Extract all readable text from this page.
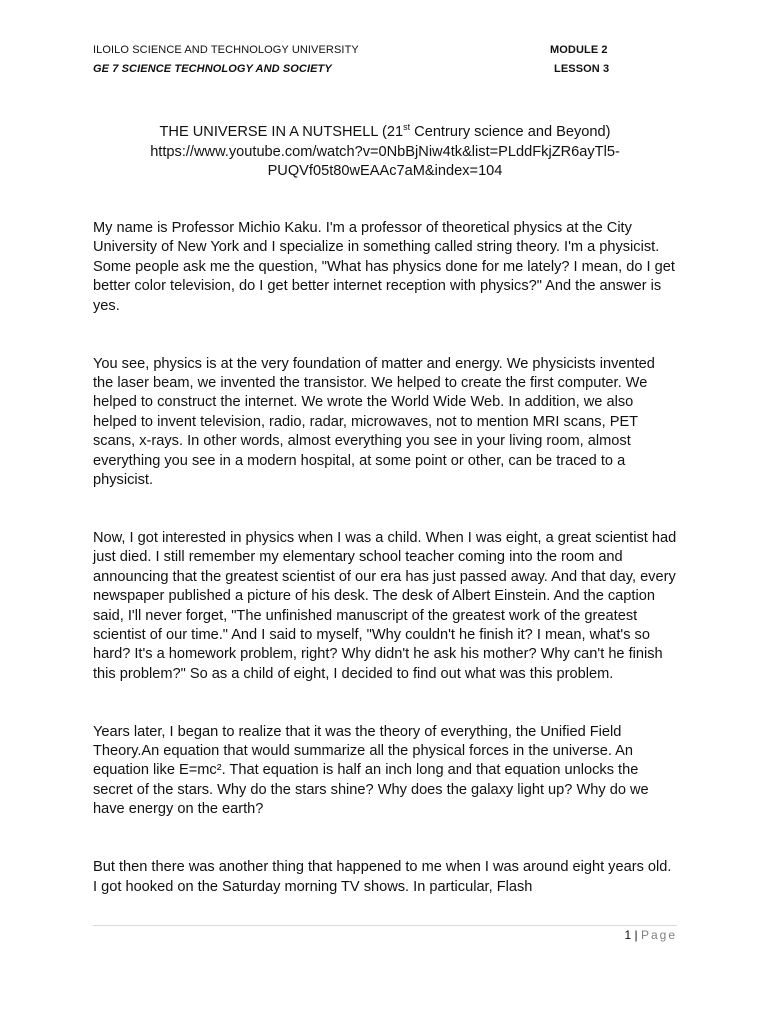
ILOILO SCIENCE AND TECHNOLOGY UNIVERSITY	MODULE 2
GE 7 SCIENCE TECHNOLOGY AND SOCIETY	LESSON 3
THE UNIVERSE IN A NUTSHELL (21st Centrury science and Beyond)
https://www.youtube.com/watch?v=0NbBjNiw4tk&list=PLddFkjZR6ayTl5-
PUQVf05t80wEAAc7aM&index=104

My name is Professor Michio Kaku. I'm a professor of theoretical physics at the City University of New York and I specialize in something called string theory. I'm a physicist. Some people ask me the question, "What has physics done for me lately? I mean, do I get better color television, do I get better internet reception with physics?" And the answer is yes.

You see, physics is at the very foundation of matter and energy. We physicists invented the laser beam, we invented the transistor. We helped to create the first computer. We helped to construct the internet. We wrote the World Wide Web. In addition, we also helped to invent television, radio, radar, microwaves, not to mention MRI scans, PET scans, x-rays. In other words, almost everything you see in your living room, almost everything you see in a modern hospital, at some point or other, can be traced to a physicist.

Now, I got interested in physics when I was a child. When I was eight, a great scientist had just died. I still remember my elementary school teacher coming into the room and announcing that the greatest scientist of our era has just passed away. And that day, every newspaper published a picture of his desk. The desk of Albert Einstein. And the caption said, I'll never forget, "The unfinished manuscript of the greatest work of the greatest scientist of our time." And I said to myself, "Why couldn't he finish it? I mean, what's so hard? It's a homework problem, right? Why didn't he ask his mother? Why can't he finish this problem?" So as a child of eight, I decided to find out what was this problem.

Years later, I began to realize that it was the theory of everything, the Unified Field Theory.An equation that would summarize all the physical forces in the universe. An equation like E=mc². That equation is half an inch long and that equation unlocks the secret of the stars. Why do the stars shine? Why does the galaxy light up? Why do we have energy on the earth?

But then there was another thing that happened to me when I was around eight years old. I got hooked on the Saturday morning TV shows. In particular, Flash

1 | Page
